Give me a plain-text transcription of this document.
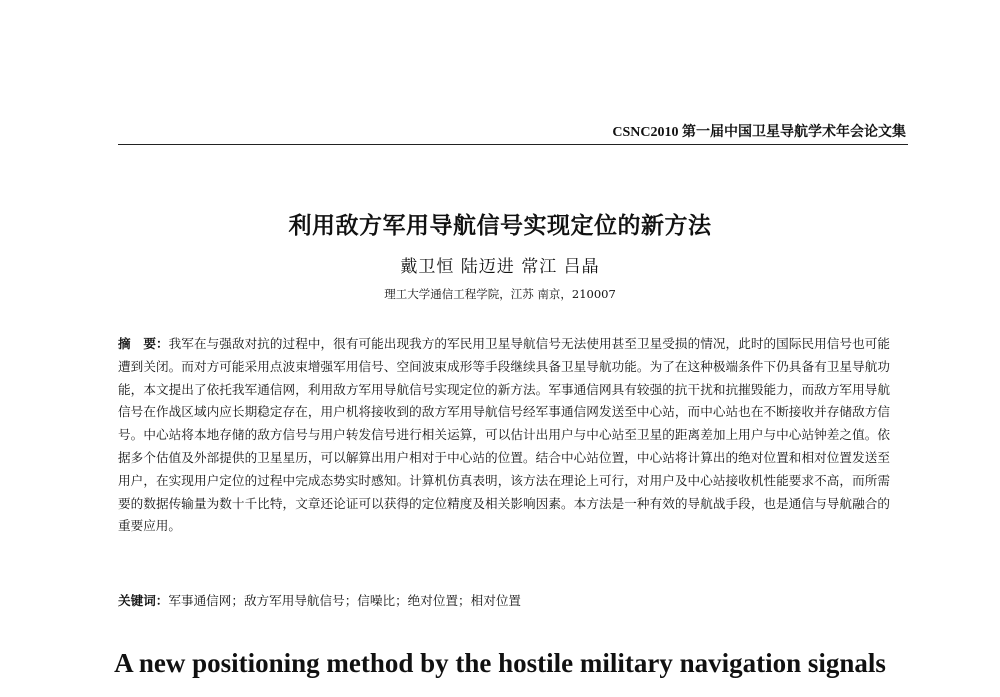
CSNC2010 第一届中国卫星导航学术年会论文集
利用敌方军用导航信号实现定位的新方法
戴卫恒 陆迈进 常江 吕晶
理工大学通信工程学院，江苏 南京，210007
摘　要：我军在与强敌对抗的过程中，很有可能出现我方的军民用卫星导航信号无法使用甚至卫星受损的情况，此时的国际民用信号也可能遭到关闭。而对方可能采用点波束增强军用信号、空间波束成形等手段继续具备卫星导航功能。为了在这种极端条件下仍具备有卫星导航功能，本文提出了依托我军通信网，利用敌方军用导航信号实现定位的新方法。军事通信网具有较强的抗干扰和抗摧毁能力，而敌方军用导航信号在作战区域内应长期稳定存在，用户机将接收到的敌方军用导航信号经军事通信网发送至中心站，而中心站也在不断接收并存储敌方信号。中心站将本地存储的敌方信号与用户转发信号进行相关运算，可以估计出用户与中心站至卫星的距离差加上用户与中心站钟差之值。依据多个估值及外部提供的卫星星历，可以解算出用户相对于中心站的位置。结合中心站位置，中心站将计算出的绝对位置和相对位置发送至用户，在实现用户定位的过程中完成态势实时感知。计算机仿真表明，该方法在理论上可行，对用户及中心站接收机性能要求不高，而所需要的数据传输量为数十千比特，文章还论证可以获得的定位精度及相关影响因素。本方法是一种有效的导航战手段，也是通信与导航融合的重要应用。
关键词：军事通信网；敌方军用导航信号；信噪比；绝对位置；相对位置
A new positioning method by the hostile military navigation signals
